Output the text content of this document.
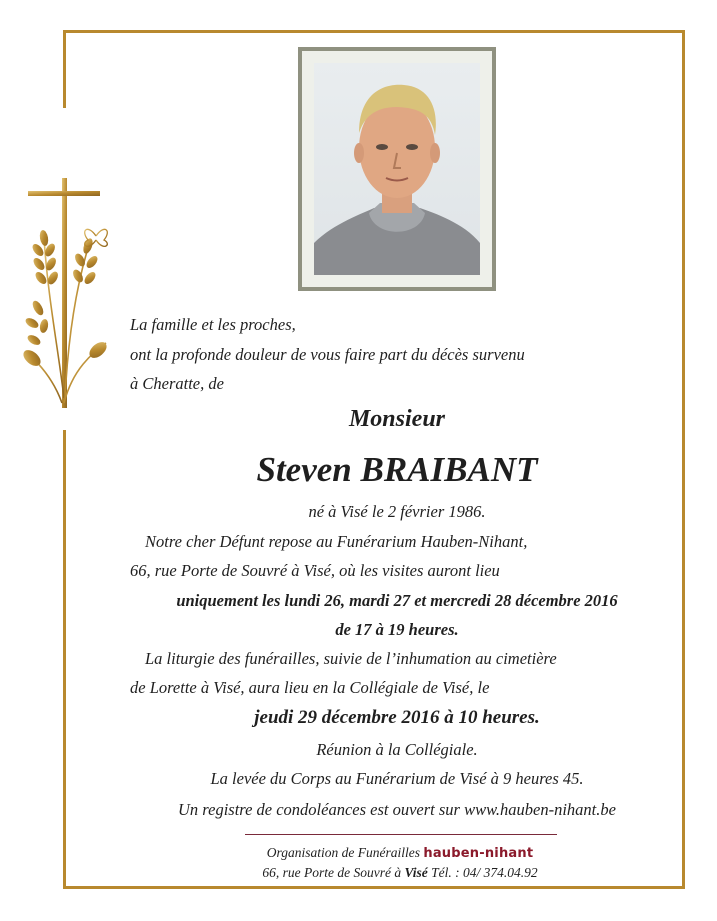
La famille et les proches,
ont la profonde douleur de vous faire part du décès survenu
à Cheratte, de
Monsieur
Steven BRAIBANT
né à Visé le 2 février 1986.
Notre cher Défunt repose au Funérarium Hauben-Nihant,
66, rue Porte de Souvré à Visé, où les visites auront lieu
uniquement les lundi 26, mardi 27 et mercredi 28 décembre 2016
de 17 à 19 heures.
La liturgie des funérailles, suivie de l’inhumation au cimetière
de Lorette à Visé, aura lieu en la Collégiale de Visé, le
jeudi 29 décembre 2016 à 10 heures.
Réunion à la Collégiale.
La levée du Corps au Funérarium de Visé à 9 heures 45.
Un registre de condoléances est ouvert sur www.hauben-nihant.be
Organisation de Funérailles hauben-nihant
66, rue Porte de Souvré à Visé Tél. : 04/ 374.04.92
